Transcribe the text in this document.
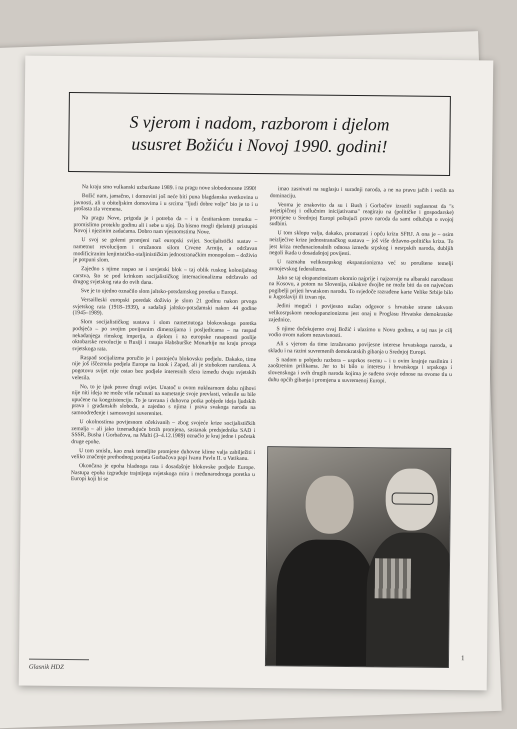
S vjerom i nadom, razborom i djelom
ususret Božiću i Novoj 1990. godini!

Na kraju smo vulkanski uzburkane 1989. i na pragu nove slobodonosne 1990!

Božić nam, jamačno, i domovini još neće biti puna blagdanska svetkovina u javnosti, ali u obiteljskim domovima i u srcima "ljudi dobre volje" bio je to i u prošasta zla vremena.

Na pragu Nove, prigoda je i potreba da – i u čestitarskom trenutku – promislimo proteklu godinu ali i sebe u njoj. Da bismo mogli djelatniji pristupiti Novoj i njezinim zadaćama. Dobro nam vjesnomstima Nove.

U svoj se golemi promjeni naš europski svijet. Socijalistički sustav – nametnut revolucijom i oružanom silom Crvene Armije, a održavan modificiranim lenjinističko-staljinističkim jednostranačkim monopolom – doživio je potpuni slom.

Zajedno s njime raspao se i sovjetski blok – taj oblik ruskog kolonijalnog carstva, što se pod krinkom socijalističkog internacionalizma održavalo od drugog svjetskog rata do ovih dana.

Sve je to ujedno označilo slom jaltsko-potsdamskog poretka u Europi.

Versailleski europski poredak doživio je slom 21 godinu nakon prvoga svjetskog rata (1918–1939), a sadašnji jaltsko-potsdamski nakon 44 godine (1945–1989).

Slom socijalističkog sustava i slom nametnutoga blokovskoga poretka podsjeća – po svojim povijesnim dimenzijama i posljedicama – na raspad nekadanjega rimskog imperija, a djelom i na europske rasapnosti poslije oktobarske revolucije u Rusiji i rasapa Habsburške Monarhije na kraju prvoga svjetskoga rata.

Raspad socijalizma poručio je i postojeću blokovsku podjelu. Dakako, time nije još iščeznula podjela Europe na Istok i Zapad, ali je stubokom narušena. A pogotovu svijet nije ostao bez podjele interesnih sfera između dvaju svjetskih velesila.

No, to je ipak posve drugi svijet. Unatoč u ovom nuklearnom dobu njihovi nije niti ideja ne može više računati na nametanje svoje prevlasti, velesile su bile upućene na koegzistenciju. To je tavrana i duhovna potka pobjede ideja ljudskih prava i građanskih sloboda, a zajedno s njima i prava svakoga naroda na samoodređenje i samosvojni suverenitet.

U okolnostima povijesnom očekivanih – zbog svojeće krize socijalističkih zemalja – ali jako iznenađujuće brzih promjena, sastanak predsjednika SAD i SSSR, Busha i Gorbačova, na Malti (3–4.12.1989) označio je kraj jedne i početak druge epohe.

U tom smislu, kao znak temeljite promjene duhovne klime valja zabilježiti i veliko značenje prethodnog posjeta Gorbačova papi Ivanu Pavlu II. u Vatikanu.

Okončana je epoha hladnoga rata i dosadašnje blokovske podjele Europe. Nastupa epoha izgrađuje trajnijega svjetskoga mira i međunarodnoga poretka u Europi koji bi se

imao zasnivati na suglasju i suradnji naroda, a ne na pravu jačih i većih na dominaciju.

Veoma je znakovito da su i Bush i Gorbačov izrazili suglasnost da "s nejetipičnoj i odlučnim inicijativama" reagiraju na (političke i gospodarske) promjene u Srednjoj Europi poštujući pravo naroda da sami odlučuju o svojoj sudbini.

U tom sklopu valja, dakako, promatrati i opću krizu SFRJ. A ona je – osim neizljećive krize jednostranačkog sustava – još više državno-politička kriza. To jest kriza međunacionalnih odnosa između srpskog i nesrpskih naroda, dubljih negoli ikada u dosadašnjoj povijesti.

U razmahu velikosrpskog ekspanzionizma već su poruštene temelji avnojevskog federalizma.

Jako se taj ekspanzionizam okomio najprije i najzornije na albanski narodnost na Kosovu, a potom na Slovenija, nikakve dvojbe ne može biti da on najvećom pogibelji prijeti hrvatskom narodu. To svjedoče razrađene karte Velike Srbije bilo u Jugoslaviji ili izvan nje.

Jedini mogući i povijesno nužan odgovor s hrvatske strane takvom velikosrpskom neoekspanzionizmu jest onaj u Proglasu Hrvatske demokratske zajednice.

S njime dočekujemo ovaj Božić i ulazimo u Novu godinu, a taj nas je cilj vodio ovom našom nezavisnosti.

Ali s vjerom da time izražavamo povijesne interese hrvatskoga naroda, u skladu i na razini suvremenih demokratskih gibanja u Srednjoj Europi.

S nadom u pobjedu razbora – usprkos svemu – i u ovim krajnje nasilnim i zaoštrenim prilikama. Jer to bi bilo u interesu i hrvatskoga i srpskoga i slovenskoga i svih drugih naroda kojima je suđeno svoje odnose na ovome tlu u duhu općih gibanja i promjena u suvremenoj Europi.

Glasnik HDZ
1
